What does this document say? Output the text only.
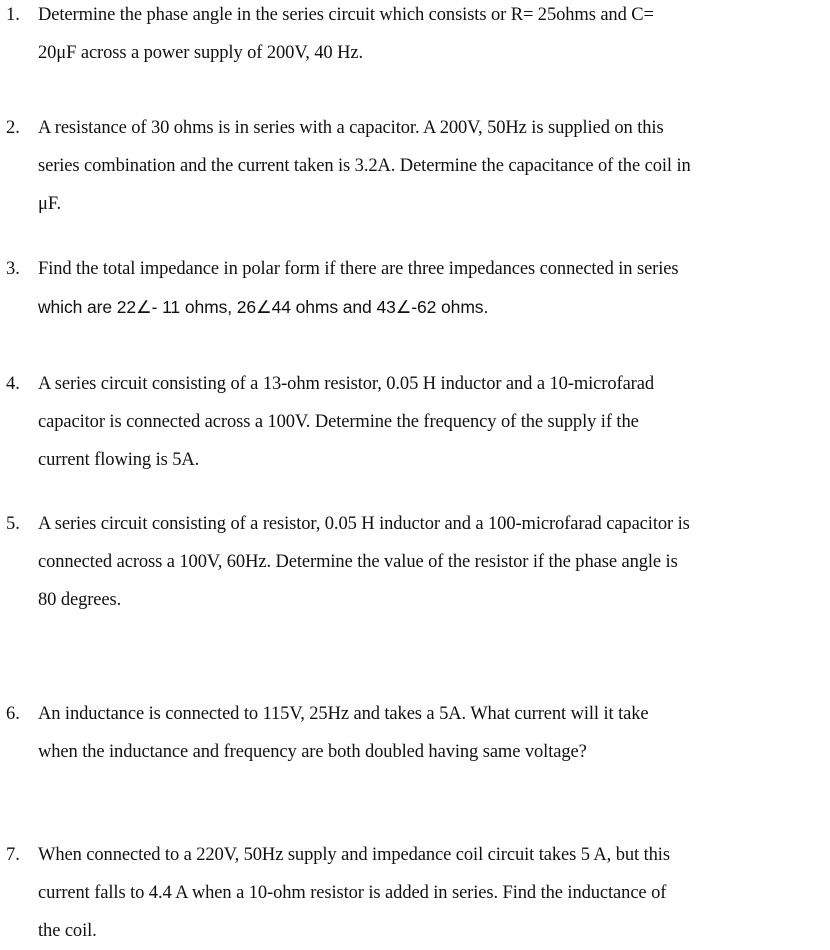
1. Determine the phase angle in the series circuit which consists or R= 25ohms and C=
20μF across a power supply of 200V, 40 Hz.
2. A resistance of 30 ohms is in series with a capacitor. A 200V, 50Hz is supplied on this
series combination and the current taken is 3.2A. Determine the capacitance of the coil in
μF.
3. Find the total impedance in polar form if there are three impedances connected in series
which are 22∠- 11 ohms, 26∠44 ohms and 43∠-62 ohms.
4. A series circuit consisting of a 13-ohm resistor, 0.05 H inductor and a 10-microfarad
capacitor is connected across a 100V. Determine the frequency of the supply if the
current flowing is 5A.
5. A series circuit consisting of a resistor, 0.05 H inductor and a 100-microfarad capacitor is
connected across a 100V, 60Hz. Determine the value of the resistor if the phase angle is
80 degrees.
6. An inductance is connected to 115V, 25Hz and takes a 5A. What current will it take
when the inductance and frequency are both doubled having same voltage?
7. When connected to a 220V, 50Hz supply and impedance coil circuit takes 5 A, but this
current falls to 4.4 A when a 10-ohm resistor is added in series. Find the inductance of
the coil.
